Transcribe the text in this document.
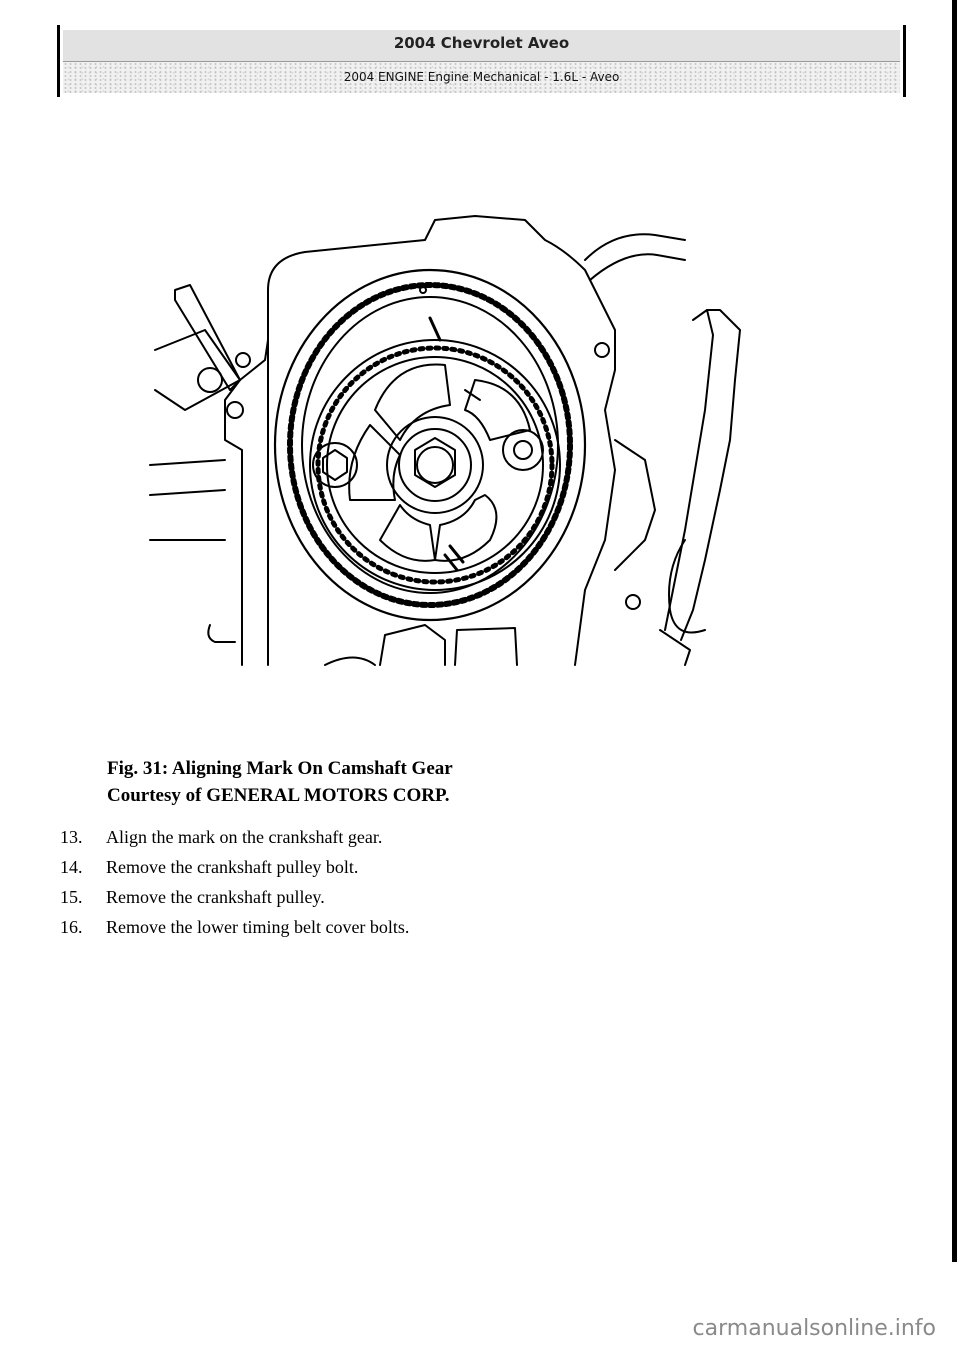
2004 Chevrolet Aveo
2004 ENGINE Engine Mechanical - 1.6L - Aveo
Fig. 31: Aligning Mark On Camshaft Gear
Courtesy of GENERAL MOTORS CORP.
13. Align the mark on the crankshaft gear.
14. Remove the crankshaft pulley bolt.
15. Remove the crankshaft pulley.
16. Remove the lower timing belt cover bolts.
carmanualsonline.info
